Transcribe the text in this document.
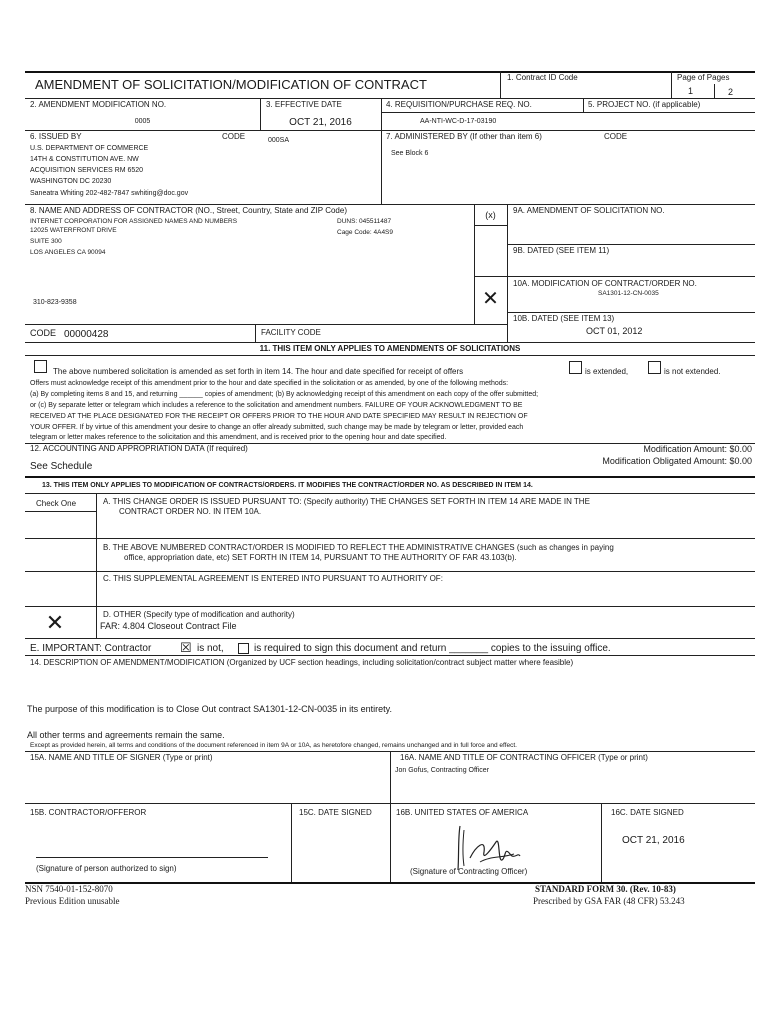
AMENDMENT OF SOLICITATION/MODIFICATION OF CONTRACT	1. Contract ID Code	Page of Pages
1	2
2. AMENDMENT MODIFICATION NO.
0005
3. EFFECTIVE DATE
OCT 21, 2016
4. REQUISITION/PURCHASE REQ. NO.
AA-NTI-WC-D-17-03190
5. PROJECT NO. (if applicable)
6. ISSUED BY	CODE	000SA
U.S. DEPARTMENT OF COMMERCE
14TH & CONSTITUTION AVE. NW
ACQUISITION SERVICES RM 6520
WASHINGTON DC 20230
Saneatra Whiting 202-482-7847 swhiting@doc.gov
7. ADMINISTERED BY (If other than item 6)	CODE
See Block 6
8. NAME AND ADDRESS OF CONTRACTOR (NO., Street, Country, State and ZIP Code)
INTERNET CORPORATION FOR ASSIGNED NAMES AND NUMBERS	DUNS: 045511487
Cage Code: 4A4S9
12025 WATERFRONT DRIVE
SUITE 300
LOS ANGELES CA 90094
310-823-9358
(x)	9A. AMENDMENT OF SOLICITATION NO.
9B. DATED (SEE ITEM 11)
10A. MODIFICATION OF CONTRACT/ORDER NO.
SA1301-12-CN-0035
✕
10B. DATED (SEE ITEM 13)
OCT 01, 2012
CODE 00000428	FACILITY CODE
11. THIS ITEM ONLY APPLIES TO AMENDMENTS OF SOLICITATIONS
The above numbered solicitation is amended as set forth in item 14. The hour and date specified for receipt of offers	is extended,	is not extended.
Offers must acknowledge receipt of this amendment prior to the hour and date specified in the solicitation or as amended, by one of the following methods:
(a) By completing items 8 and 15, and returning ______ copies of amendment; (b) By acknowledging receipt of this amendment on each copy of the offer submitted;
or (c) By separate letter or telegram which includes a reference to the solicitation and amendment numbers. FAILURE OF YOUR ACKNOWLEDGMENT TO BE
RECEIVED AT THE PLACE DESIGNATED FOR THE RECEIPT OR OFFERS PRIOR TO THE HOUR AND DATE SPECIFIED MAY RESULT IN REJECTION OF
YOUR OFFER. If by virtue of this amendment your desire to change an offer already submitted, such change may be made by telegram or letter, provided each
telegram or letter makes reference to the solicitation and this amendment, and is received prior to the opening hour and date specified.
12. ACCOUNTING AND APPROPRIATION DATA (If required)	Modification Amount: $0.00
Modification Obligated Amount: $0.00
See Schedule
13. THIS ITEM ONLY APPLIES TO MODIFICATION OF CONTRACTS/ORDERS. IT MODIFIES THE CONTRACT/ORDER NO. AS DESCRIBED IN ITEM 14.
Check One	A. THIS CHANGE ORDER IS ISSUED PURSUANT TO: (Specify authority) THE CHANGES SET FORTH IN ITEM 14 ARE MADE IN THE
CONTRACT ORDER NO. IN ITEM 10A.
B. THE ABOVE NUMBERED CONTRACT/ORDER IS MODIFIED TO REFLECT THE ADMINISTRATIVE CHANGES (such as changes in paying
office, appropriation date, etc) SET FORTH IN ITEM 14, PURSUANT TO THE AUTHORITY OF FAR 43.103(b).
C. THIS SUPPLEMENTAL AGREEMENT IS ENTERED INTO PURSUANT TO AUTHORITY OF:
D. OTHER (Specify type of modification and authority)
FAR: 4.804 Closeout Contract File
✕
E. IMPORTANT: Contractor ☒ is not,	is required to sign this document and return _______ copies to the issuing office.
14. DESCRIPTION OF AMENDMENT/MODIFICATION (Organized by UCF section headings, including solicitation/contract subject matter where feasible)
The purpose of this modification is to Close Out contract SA1301-12-CN-0035 in its entirety.
All other terms and agreements remain the same.
Except as provided herein, all terms and conditions of the document referenced in item 9A or 10A, as heretofore changed, remains unchanged and in full force and effect.
15A. NAME AND TITLE OF SIGNER (Type or print)	16A. NAME AND TITLE OF CONTRACTING OFFICER (Type or print)
Jon Gofus, Contracting Officer
15B. CONTRACTOR/OFFEROR	15C. DATE SIGNED	16B. UNITED STATES OF AMERICA	16C. DATE SIGNED
OCT 21, 2016
(Signature of person authorized to sign)	(Signature of Contracting Officer)
NSN 7540-01-152-8070
Previous Edition unusable
STANDARD FORM 30. (Rev. 10-83)
Prescribed by GSA FAR (48 CFR) 53.243
